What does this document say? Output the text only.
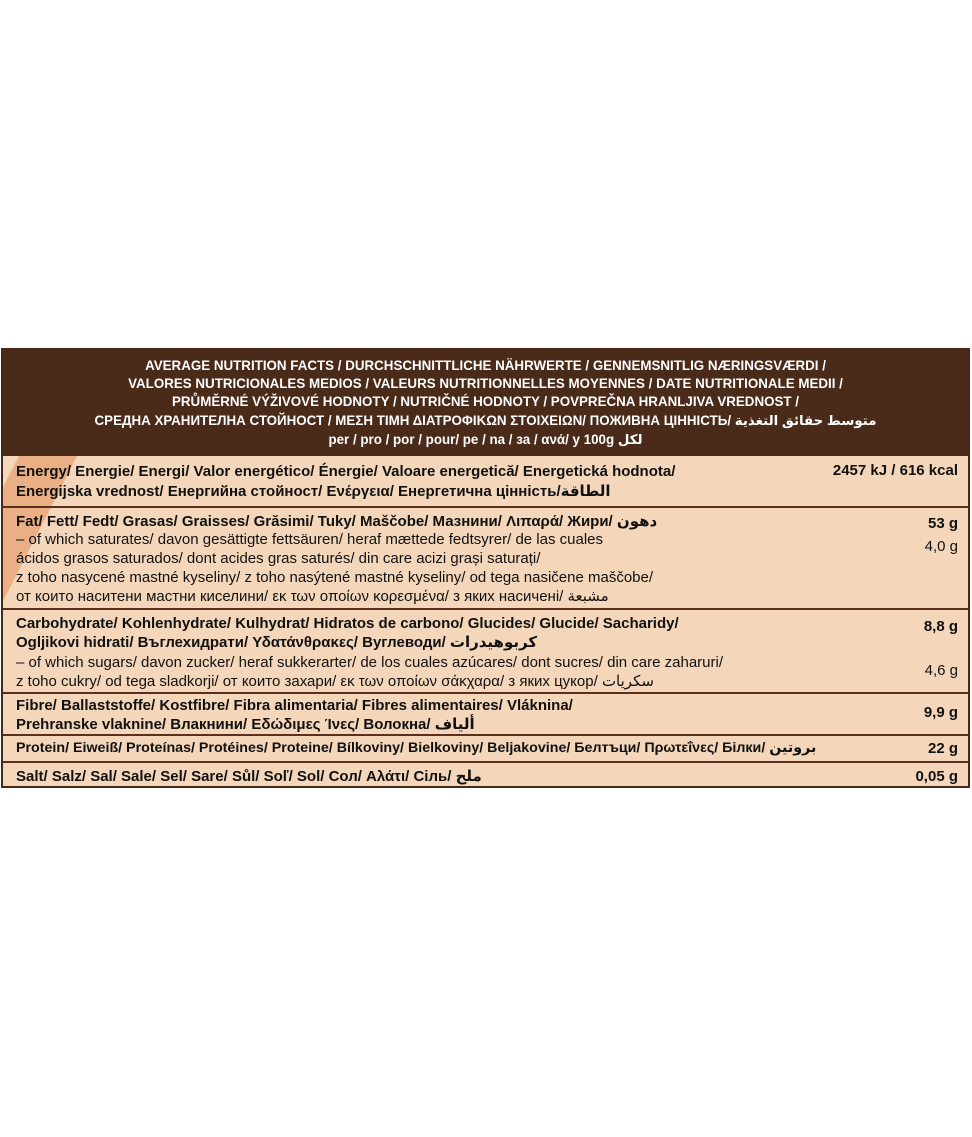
AVERAGE NUTRITION FACTS / DURCHSCHNITTLICHE NÄHRWERTE / GENNEMSNITLIG NÆRINGSVÆRDI /
VALORES NUTRICIONALES MEDIOS / VALEURS NUTRITIONNELLES MOYENNES / DATE NUTRITIONALE MEDII /
PRŮMĚRNÉ VÝŽIVOVÉ HODNOTY / NUTRIČNÉ HODNOTY / POVPREČNA HRANLJIVA VREDNOST /
СРЕДНА ХРАНИТЕЛНА СТОЙНОСТ / ΜΕΣΗ ΤΙΜΗ ΔΙΑΤΡΟΦΙΚΩΝ ΣΤΟΙΧΕΙΩΝ/ ПОЖИВНА ЦІННІСТЬ/ متوسط حقائق التغذية
per / pro / por / pour/ pe / na / за / ανά/ у 100g لكل
Energy/ Energie/ Energi/ Valor energético/ Énergie/ Valoare energetică/ Energetická hodnota/
Energijska vrednost/ Енергийна стойност/ Ενέργεια/ Енергетична цінність/الطاقة
2457 kJ / 616 kcal
Fat/ Fett/ Fedt/ Grasas/ Graisses/ Grăsimi/ Tuky/ Maščobe/ Мазнини/ Λιπαρά/ Жири/ دهون
– of which saturates/ davon gesättigte fettsäuren/ heraf mættede fedtsyrer/ de las cuales
ácidos grasos saturados/ dont acides gras saturés/ din care acizi grași saturați/
z toho nasycené mastné kyseliny/ z toho nasýtené mastné kyseliny/ od tega nasičene maščobe/
от които наситени мастни киселини/ εκ των οποίων κορεσμένα/ з яких насичені/ مشبعة
53 g
4,0 g
Carbohydrate/ Kohlenhydrate/ Kulhydrat/ Hidratos de carbono/ Glucides/ Glucide/ Sacharidy/
Ogljikovi hidrati/ Въглехидрати/ Υδατάνθρακες/ Вуглеводи/ كربوهيدرات
– of which sugars/ davon zucker/ heraf sukkerarter/ de los cuales azúcares/ dont sucres/ din care zaharuri/
z toho cukry/ od tega sladkorji/ от които захари/ εκ των οποίων σάκχαρα/ з яких цукор/ سكريات
8,8 g
4,6 g
Fibre/ Ballaststoffe/ Kostfibre/ Fibra alimentaria/ Fibres alimentaires/ Vláknina/
Prehranske vlaknine/ Влакнини/ Εδώδιμες Ίνες/ Волокна/ ألياف
9,9 g
Protein/ Eiweiß/ Proteínas/ Protéines/ Proteine/ Bílkoviny/ Bielkoviny/ Beljakovine/ Белтъци/ Πρωτεΐνες/ Білки/ بروتين	22 g
Salt/ Salz/ Sal/ Sale/ Sel/ Sare/ Sůl/ Soľ/ Sol/ Сол/ Αλάτι/ Сіль/ ملح	0,05 g
